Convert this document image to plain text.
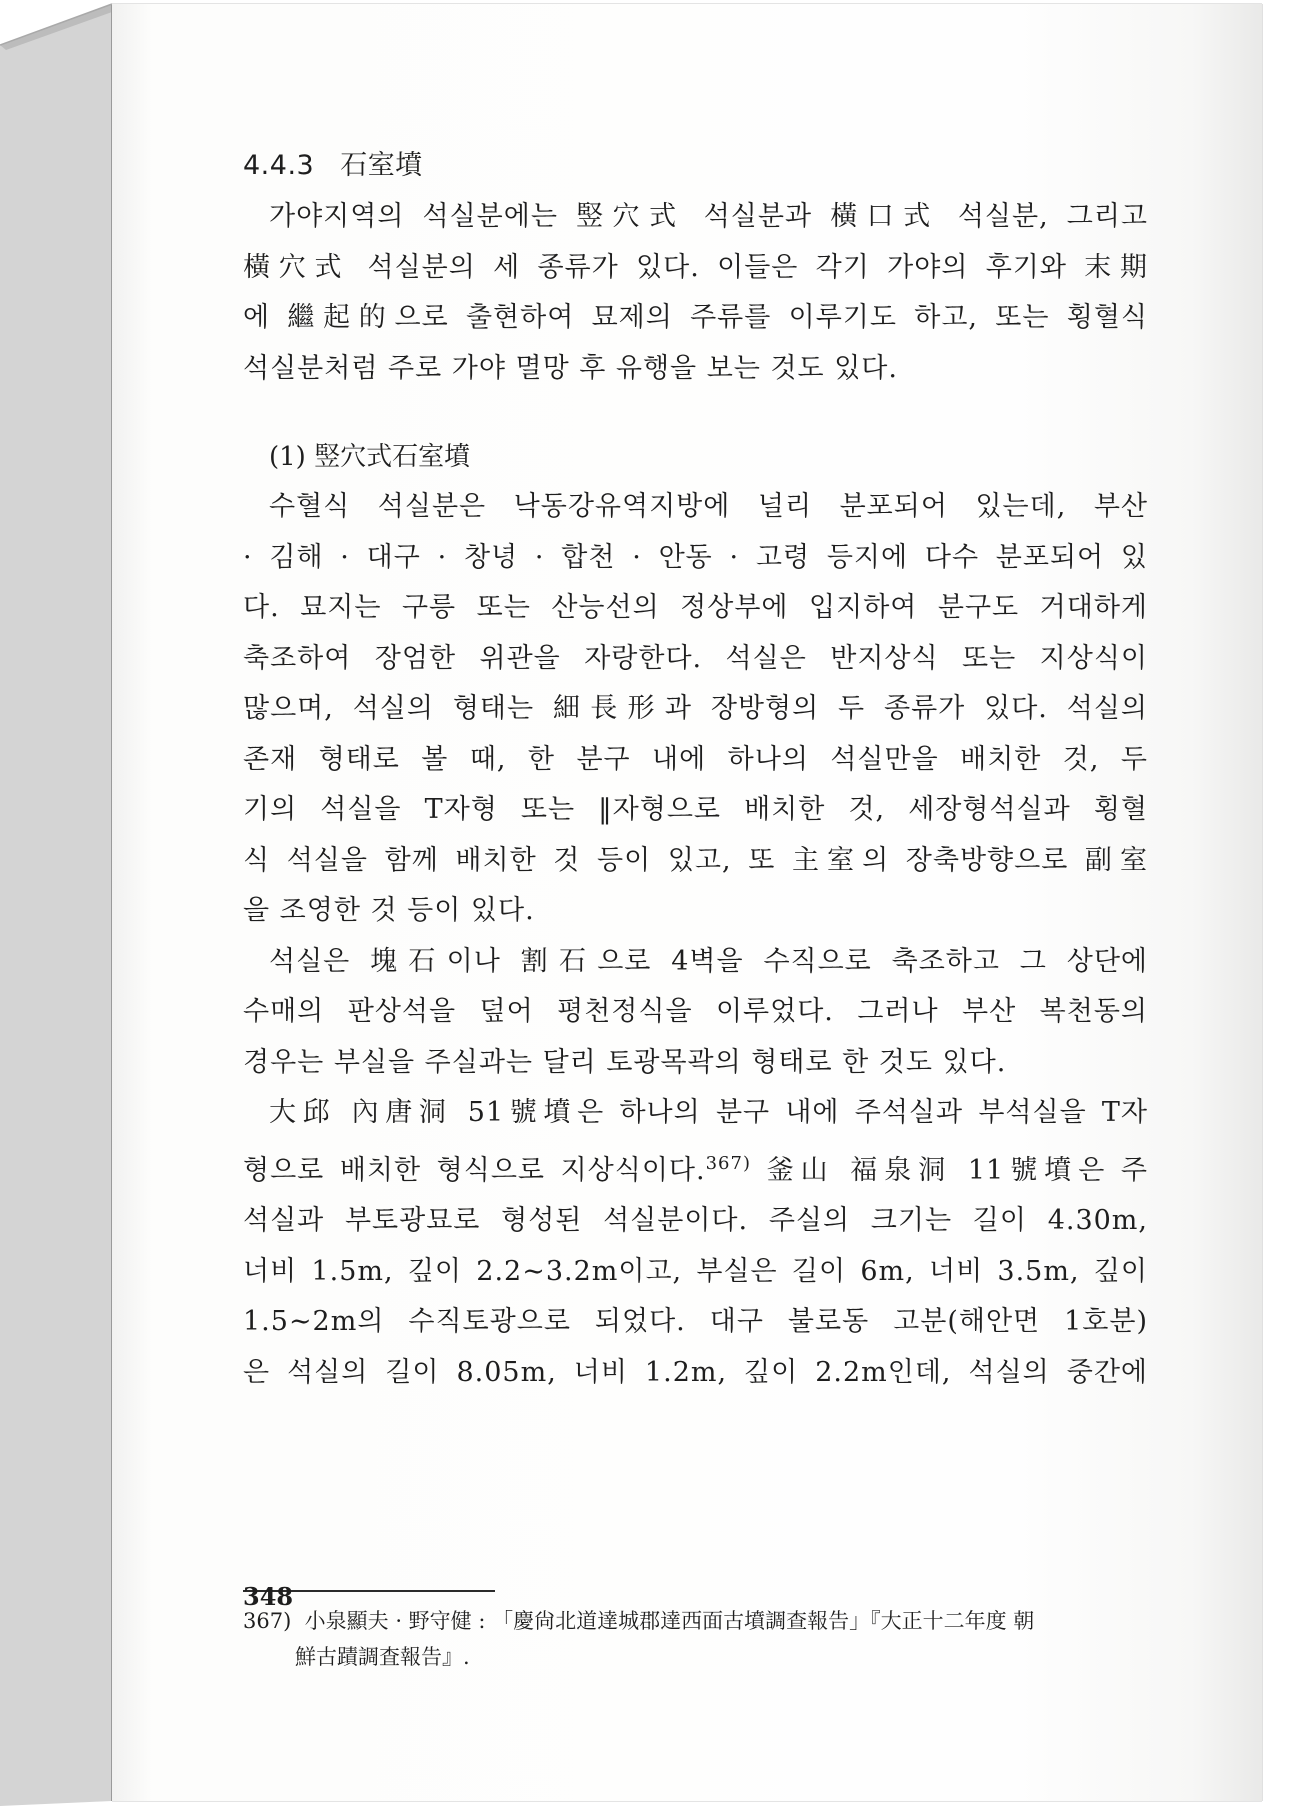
4.4.3 石室墳
가야지역의 석실분에는 竪穴式 석실분과 橫口式 석실분, 그리고
橫穴式 석실분의 세 종류가 있다. 이들은 각기 가야의 후기와 末期
에 繼起的으로 출현하여 묘제의 주류를 이루기도 하고, 또는 횡혈식
석실분처럼 주로 가야 멸망 후 유행을 보는 것도 있다.
(1) 竪穴式石室墳
수혈식 석실분은 낙동강유역지방에 널리 분포되어 있는데, 부산
· 김해 · 대구 · 창녕 · 합천 · 안동 · 고령 등지에 다수 분포되어 있
다. 묘지는 구릉 또는 산능선의 정상부에 입지하여 분구도 거대하게
축조하여 장엄한 위관을 자랑한다. 석실은 반지상식 또는 지상식이
많으며, 석실의 형태는 細長形과 장방형의 두 종류가 있다. 석실의
존재 형태로 볼 때, 한 분구 내에 하나의 석실만을 배치한 것, 두
기의 석실을 T자형 또는 ‖자형으로 배치한 것, 세장형석실과 횡혈
식 석실을 함께 배치한 것 등이 있고, 또 主室의 장축방향으로 副室
을 조영한 것 등이 있다.
석실은 塊石이나 割石으로 4벽을 수직으로 축조하고 그 상단에
수매의 판상석을 덮어 평천정식을 이루었다. 그러나 부산 복천동의
경우는 부실을 주실과는 달리 토광목곽의 형태로 한 것도 있다.
大邱 內唐洞 51號墳은 하나의 분구 내에 주석실과 부석실을 T자
형으로 배치한 형식으로 지상식이다.$^{367)}$ 釜山 福泉洞 11號墳은 주
석실과 부토광묘로 형성된 석실분이다. 주실의 크기는 길이 4.30m,
너비 1.5m, 깊이 2.2∼3.2m이고, 부실은 길이 6m, 너비 3.5m, 깊이
1.5∼2m의 수직토광으로 되었다. 대구 불로동 고분(해안면 1호분)
은 석실의 길이 8.05m, 너비 1.2m, 깊이 2.2m인데, 석실의 중간에
367) 小泉顯夫 · 野守健 : 「慶尙北道達城郡達西面古墳調查報告」『大正十二年度 朝
鮮古蹟調査報告』.
348
